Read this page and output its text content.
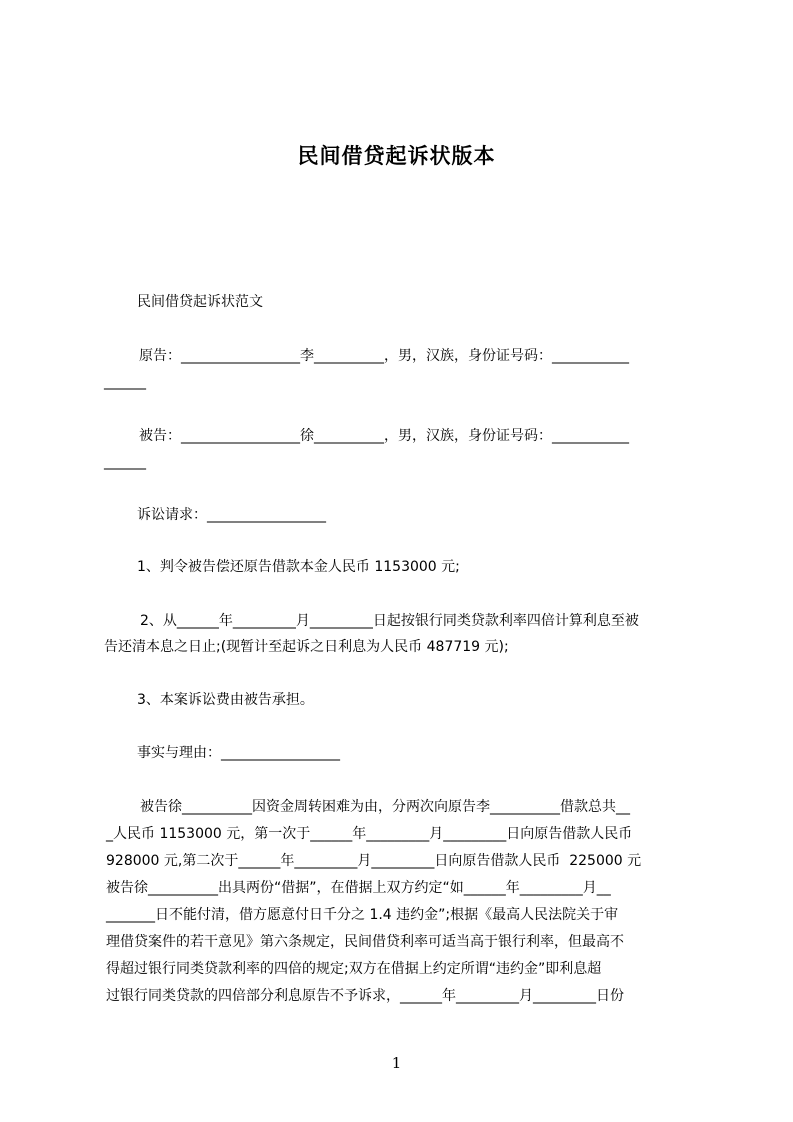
民间借贷起诉状版本
民间借贷起诉状范文
原告：_________________李__________，男，汉族，身份证号码：___________
______
被告：_________________徐__________，男，汉族，身份证号码：___________
______
诉讼请求：_________________
1、判令被告偿还原告借款本金人民币 1153000 元;
2、从______年_________月_________日起按银行同类贷款利率四倍计算利息至被
告还清本息之日止;(现暂计至起诉之日利息为人民币 487719 元);
3、本案诉讼费由被告承担。
事实与理由：_________________
被告徐__________因资金周转困难为由，分两次向原告李__________借款总共__
_人民币 1153000 元，第一次于______年_________月_________日向原告借款人民币
928000 元,第二次于______年_________月_________日向原告借款人民币  225000 元
被告徐__________出具两份“借据”，在借据上双方约定“如______年_________月__
_______日不能付清，借方愿意付日千分之 1.4 违约金”;根据《最高人民法院关于审
理借贷案件的若干意见》第六条规定，民间借贷利率可适当高于银行利率，但最高不
得超过银行同类贷款利率的四倍的规定;双方在借据上约定所谓“违约金”即利息超
过银行同类贷款的四倍部分利息原告不予诉求，______年_________月_________日份
1
